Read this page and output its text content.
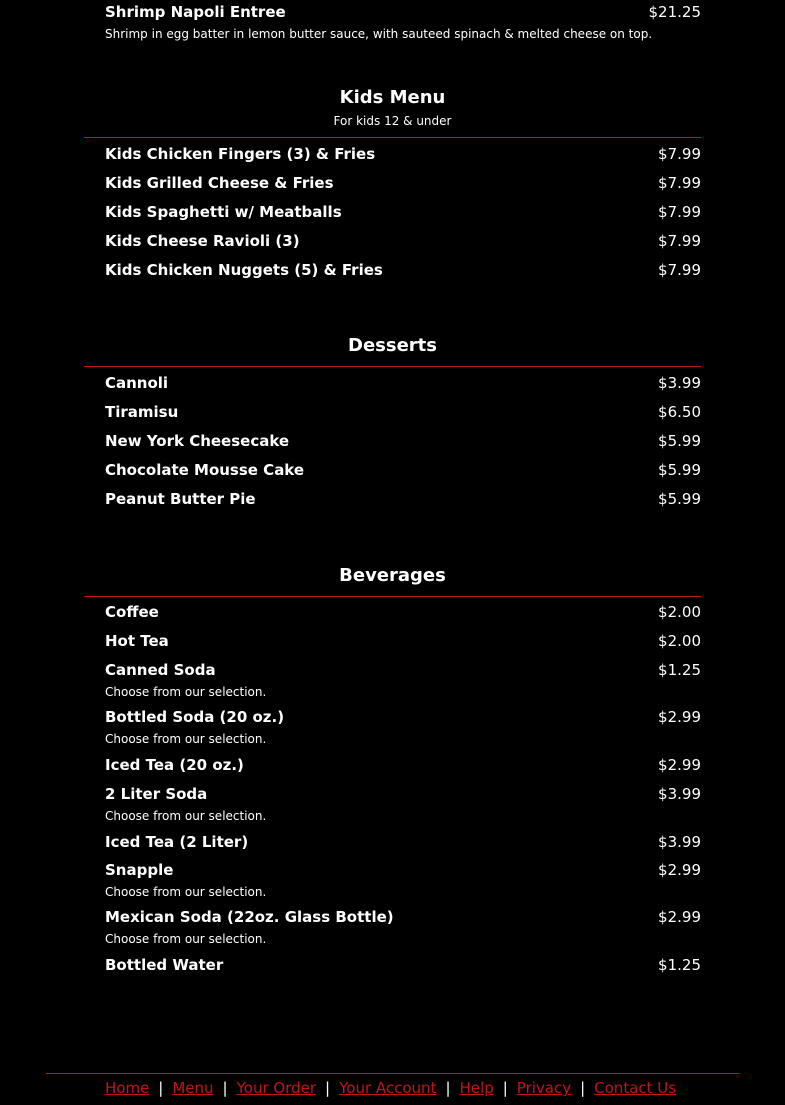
Shrimp Napoli Entree	$21.25
Shrimp in egg batter in lemon butter sauce, with sauteed spinach & melted cheese on top.
Kids Menu
For kids 12 & under
Kids Chicken Fingers (3) & Fries	$7.99
Kids Grilled Cheese & Fries	$7.99
Kids Spaghetti w/ Meatballs	$7.99
Kids Cheese Ravioli (3)	$7.99
Kids Chicken Nuggets (5) & Fries	$7.99
Desserts
Cannoli	$3.99
Tiramisu	$6.50
New York Cheesecake	$5.99
Chocolate Mousse Cake	$5.99
Peanut Butter Pie	$5.99
Beverages
Coffee	$2.00
Hot Tea	$2.00
Canned Soda	$1.25
Choose from our selection.
Bottled Soda (20 oz.)	$2.99
Choose from our selection.
Iced Tea (20 oz.)	$2.99
2 Liter Soda	$3.99
Choose from our selection.
Iced Tea (2 Liter)	$3.99
Snapple	$2.99
Choose from our selection.
Mexican Soda (22oz. Glass Bottle)	$2.99
Choose from our selection.
Bottled Water	$1.25
Home | Menu | Your Order | Your Account | Help | Privacy | Contact Us
